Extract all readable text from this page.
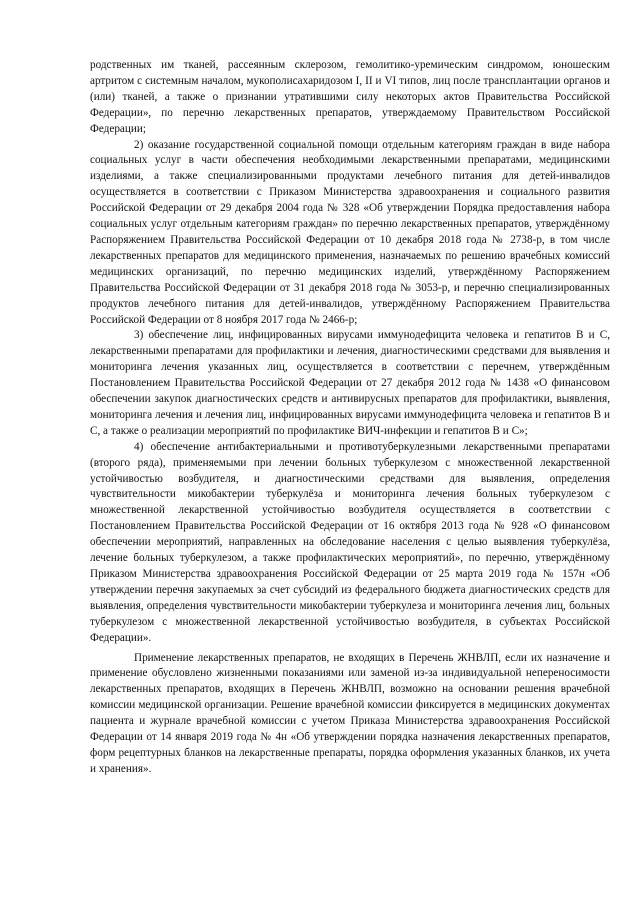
родственных им тканей, рассеянным склерозом, гемолитико-уремическим синдромом, юношеским артритом с системным началом, мукополисахаридозом I, II и VI типов, лиц после трансплантации органов и (или) тканей, а также о признании утратившими силу некоторых актов Правительства Российской Федерации», по перечню лекарственных препаратов, утверждаемому Правительством Российской Федерации;

2) оказание государственной социальной помощи отдельным категориям граждан в виде набора социальных услуг в части обеспечения необходимыми лекарственными препаратами, медицинскими изделиями, а также специализированными продуктами лечебного питания для детей-инвалидов осуществляется в соответствии с Приказом Министерства здравоохранения и социального развития Российской Федерации от 29 декабря 2004 года № 328 «Об утверждении Порядка предоставления набора социальных услуг отдельным категориям граждан» по перечню лекарственных препаратов, утверждённому Распоряжением Правительства Российской Федерации от 10 декабря 2018 года № 2738-р, в том числе лекарственных препаратов для медицинского применения, назначаемых по решению врачебных комиссий медицинских организаций, по перечню медицинских изделий, утверждённому Распоряжением Правительства Российской Федерации от 31 декабря 2018 года № 3053-р, и перечню специализированных продуктов лечебного питания для детей-инвалидов, утверждённому Распоряжением Правительства Российской Федерации от 8 ноября 2017 года № 2466-р;

3) обеспечение лиц, инфицированных вирусами иммунодефицита человека и гепатитов B и C, лекарственными препаратами для профилактики и лечения, диагностическими средствами для выявления и мониторинга лечения указанных лиц, осуществляется в соответствии с перечнем, утверждённым Постановлением Правительства Российской Федерации от 27 декабря 2012 года № 1438 «О финансовом обеспечении закупок диагностических средств и антивирусных препаратов для профилактики, выявления, мониторинга лечения и лечения лиц, инфицированных вирусами иммунодефицита человека и гепатитов B и C, а также о реализации мероприятий по профилактике ВИЧ-инфекции и гепатитов B и C»;

4) обеспечение антибактериальными и противотуберкулезными лекарственными препаратами (второго ряда), применяемыми при лечении больных туберкулезом с множественной лекарственной устойчивостью возбудителя, и диагностическими средствами для выявления, определения чувствительности микобактерии туберкулёза и мониторинга лечения больных туберкулезом с множественной лекарственной устойчивостью возбудителя осуществляется в соответствии с Постановлением Правительства Российской Федерации от 16 октября 2013 года № 928 «О финансовом обеспечении мероприятий, направленных на обследование населения с целью выявления туберкулёза, лечение больных туберкулезом, а также профилактических мероприятий», по перечню, утверждённому Приказом Министерства здравоохранения Российской Федерации от 25 марта 2019 года № 157н «Об утверждении перечня закупаемых за счет субсидий из федерального бюджета диагностических средств для выявления, определения чувствительности микобактерии туберкулеза и мониторинга лечения лиц, больных туберкулезом с множественной лекарственной устойчивостью возбудителя, в субъектах Российской Федерации».

Применение лекарственных препаратов, не входящих в Перечень ЖНВЛП, если их назначение и применение обусловлено жизненными показаниями или заменой из-за индивидуальной непереносимости лекарственных препаратов, входящих в Перечень ЖНВЛП, возможно на основании решения врачебной комиссии медицинской организации. Решение врачебной комиссии фиксируется в медицинских документах пациента и журнале врачебной комиссии с учетом Приказа Министерства здравоохранения Российской Федерации от 14 января 2019 года № 4н «Об утверждении порядка назначения лекарственных препаратов, форм рецептурных бланков на лекарственные препараты, порядка оформления указанных бланков, их учета и хранения».
